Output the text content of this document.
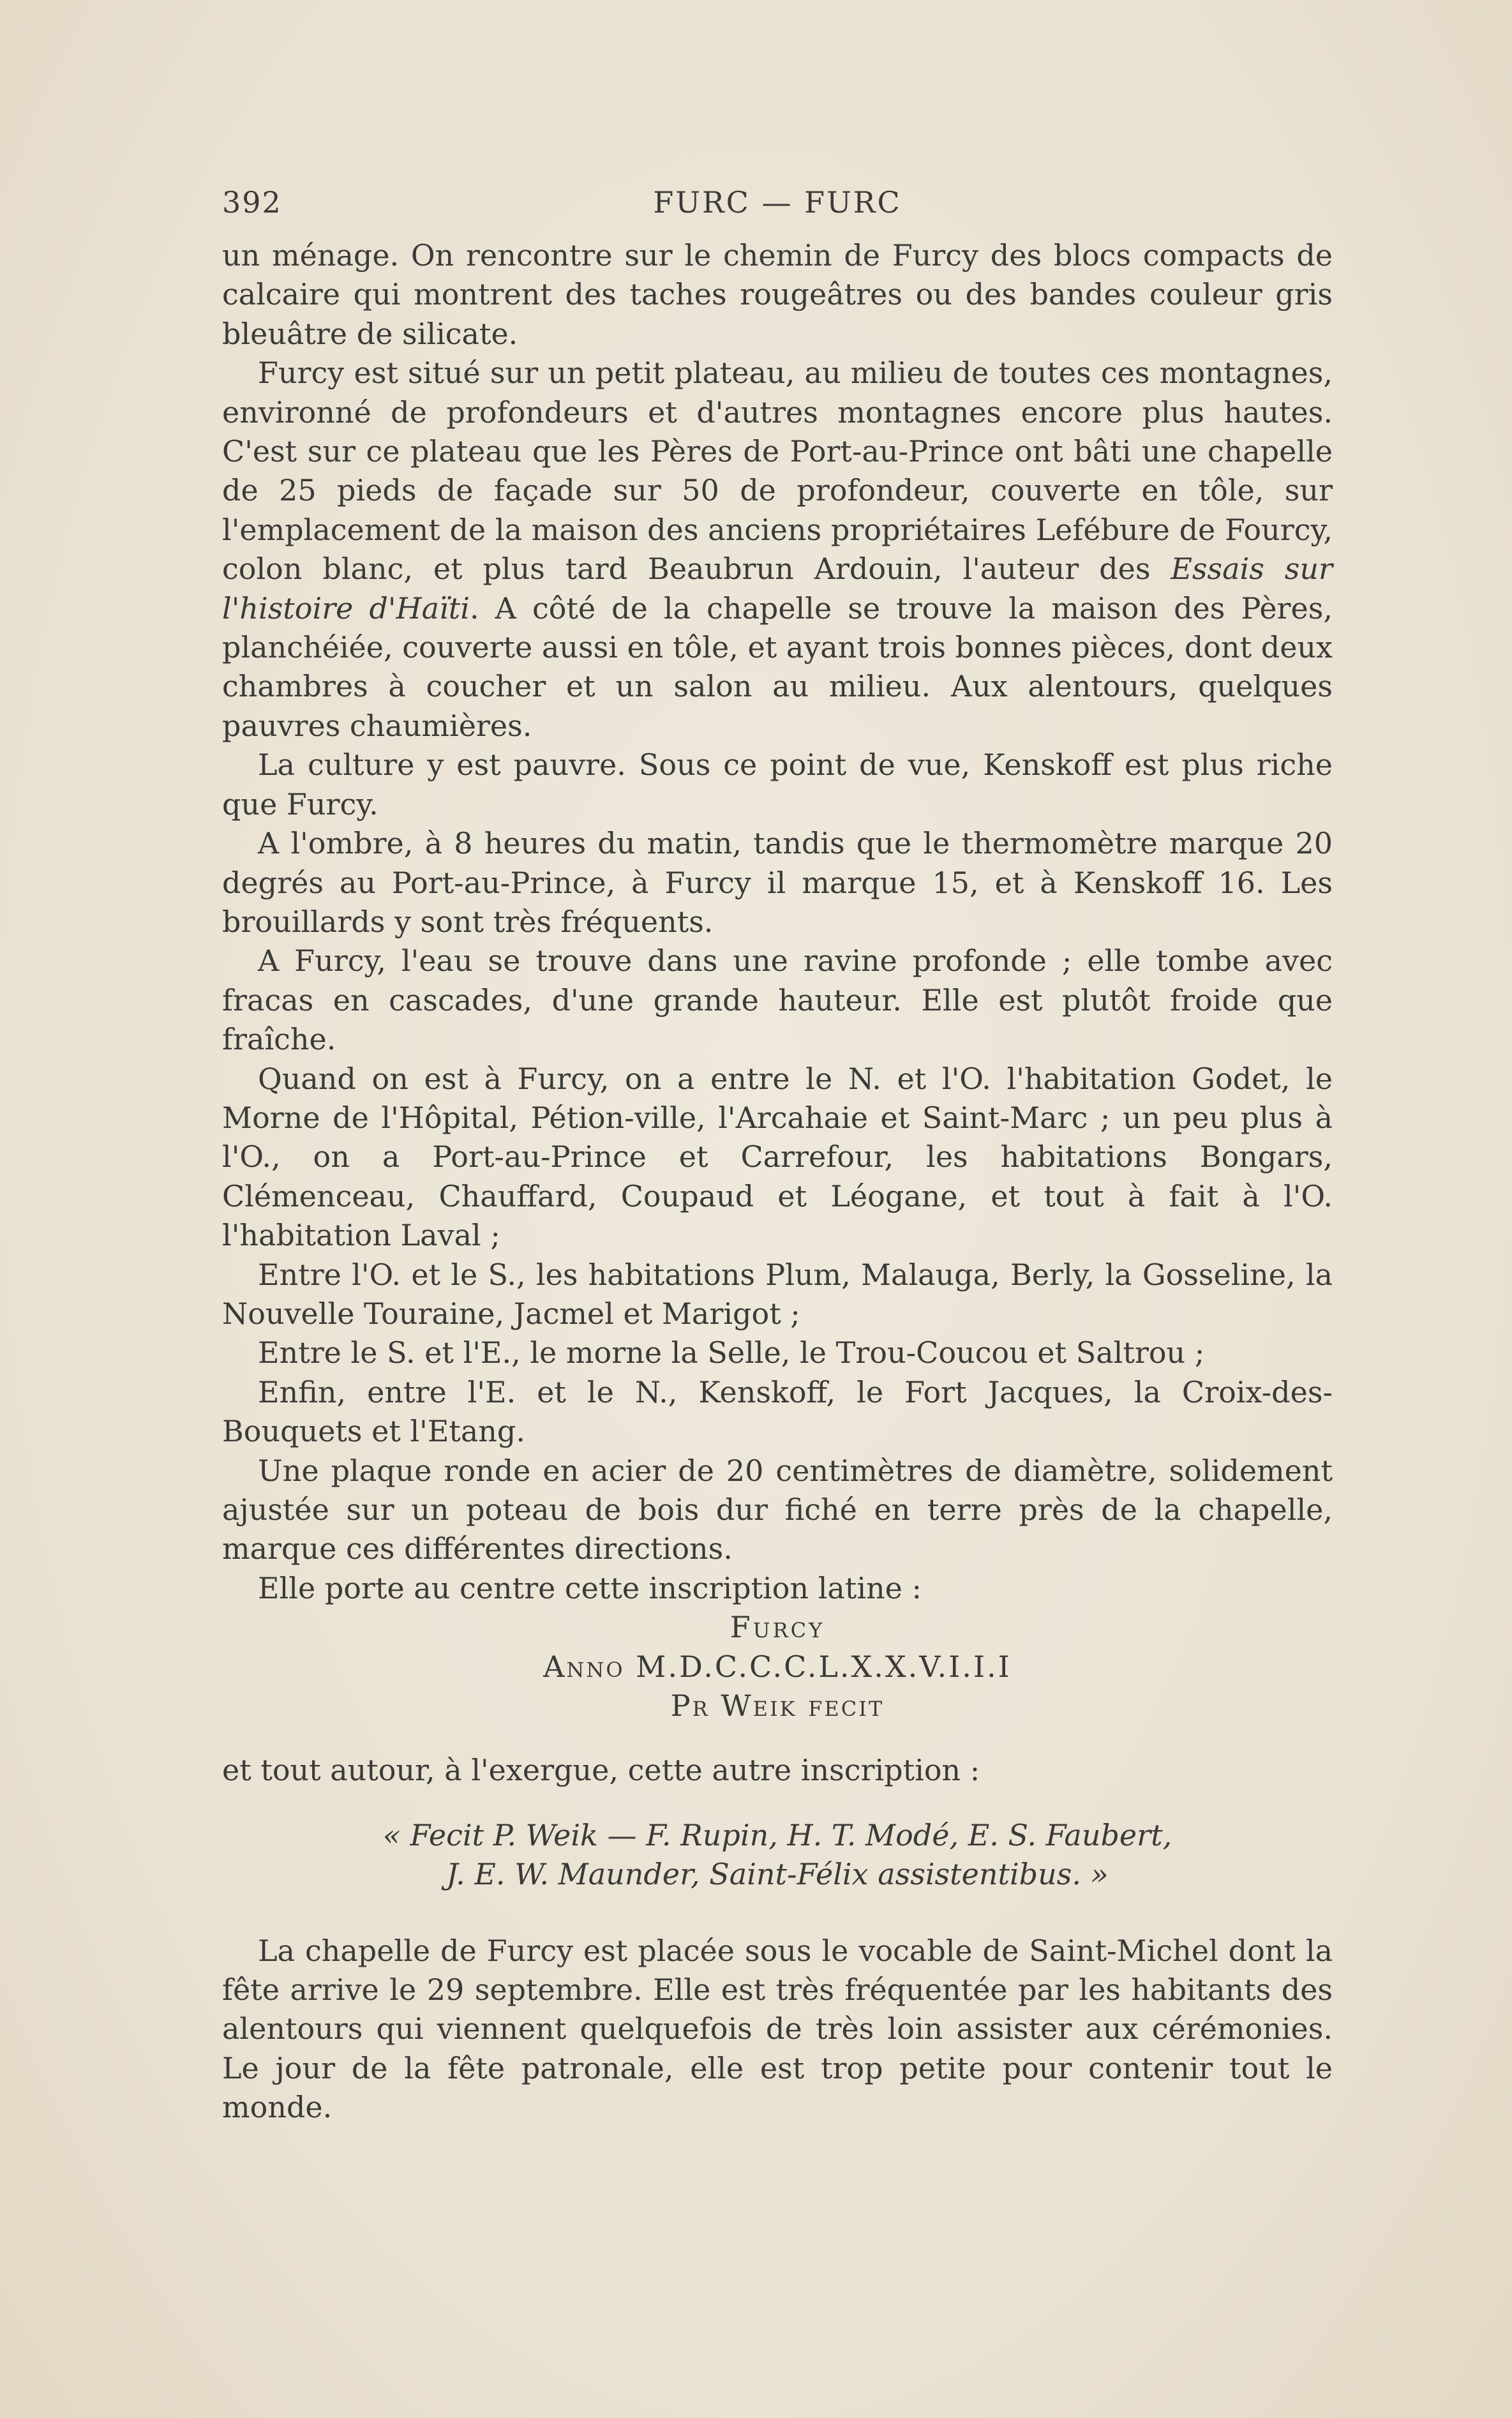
392	FURC — FURC

un ménage. On rencontre sur le chemin de Furcy des blocs compacts de calcaire qui montrent des taches rougeâtres ou des bandes couleur gris bleuâtre de silicate.

Furcy est situé sur un petit plateau, au milieu de toutes ces montagnes, environné de profondeurs et d'autres montagnes encore plus hautes. C'est sur ce plateau que les Pères de Port-au-Prince ont bâti une chapelle de 25 pieds de façade sur 50 de profondeur, couverte en tôle, sur l'emplacement de la maison des anciens propriétaires Lefébure de Fourcy, colon blanc, et plus tard Beaubrun Ardouin, l'auteur des Essais sur l'histoire d'Haïti. A côté de la chapelle se trouve la maison des Pères, planchéiée, couverte aussi en tôle, et ayant trois bonnes pièces, dont deux chambres à coucher et un salon au milieu. Aux alentours, quelques pauvres chaumières.

La culture y est pauvre. Sous ce point de vue, Kenskoff est plus riche que Furcy.

A l'ombre, à 8 heures du matin, tandis que le thermomètre marque 20 degrés au Port-au-Prince, à Furcy il marque 15, et à Kenskoff 16. Les brouillards y sont très fréquents.

A Furcy, l'eau se trouve dans une ravine profonde ; elle tombe avec fracas en cascades, d'une grande hauteur. Elle est plutôt froide que fraîche.

Quand on est à Furcy, on a entre le N. et l'O. l'habitation Godet, le Morne de l'Hôpital, Pétion-ville, l'Arcahaie et Saint-Marc ; un peu plus à l'O., on a Port-au-Prince et Carrefour, les habitations Bongars, Clémenceau, Chauffard, Coupaud et Léogane, et tout à fait à l'O. l'habitation Laval ;

Entre l'O. et le S., les habitations Plum, Malauga, Berly, la Gosseline, la Nouvelle Touraine, Jacmel et Marigot ;

Entre le S. et l'E., le morne la Selle, le Trou-Coucou et Saltrou ;

Enfin, entre l'E. et le N., Kenskoff, le Fort Jacques, la Croix-des-Bouquets et l'Etang.

Une plaque ronde en acier de 20 centimètres de diamètre, solidement ajustée sur un poteau de bois dur fiché en terre près de la chapelle, marque ces différentes directions.

Elle porte au centre cette inscription latine :

Furcy

Anno M.D.C.C.C.L.X.X.V.I.I.I

Pr Weik fecit

et tout autour, à l'exergue, cette autre inscription :

« Fecit P. Weik — F. Rupin, H. T. Modé, E. S. Faubert,

J. E. W. Maunder, Saint-Félix assistentibus. »

La chapelle de Furcy est placée sous le vocable de Saint-Michel dont la fête arrive le 29 septembre. Elle est très fréquentée par les habitants des alentours qui viennent quelquefois de très loin assister aux cérémonies. Le jour de la fête patronale, elle est trop petite pour contenir tout le monde.
